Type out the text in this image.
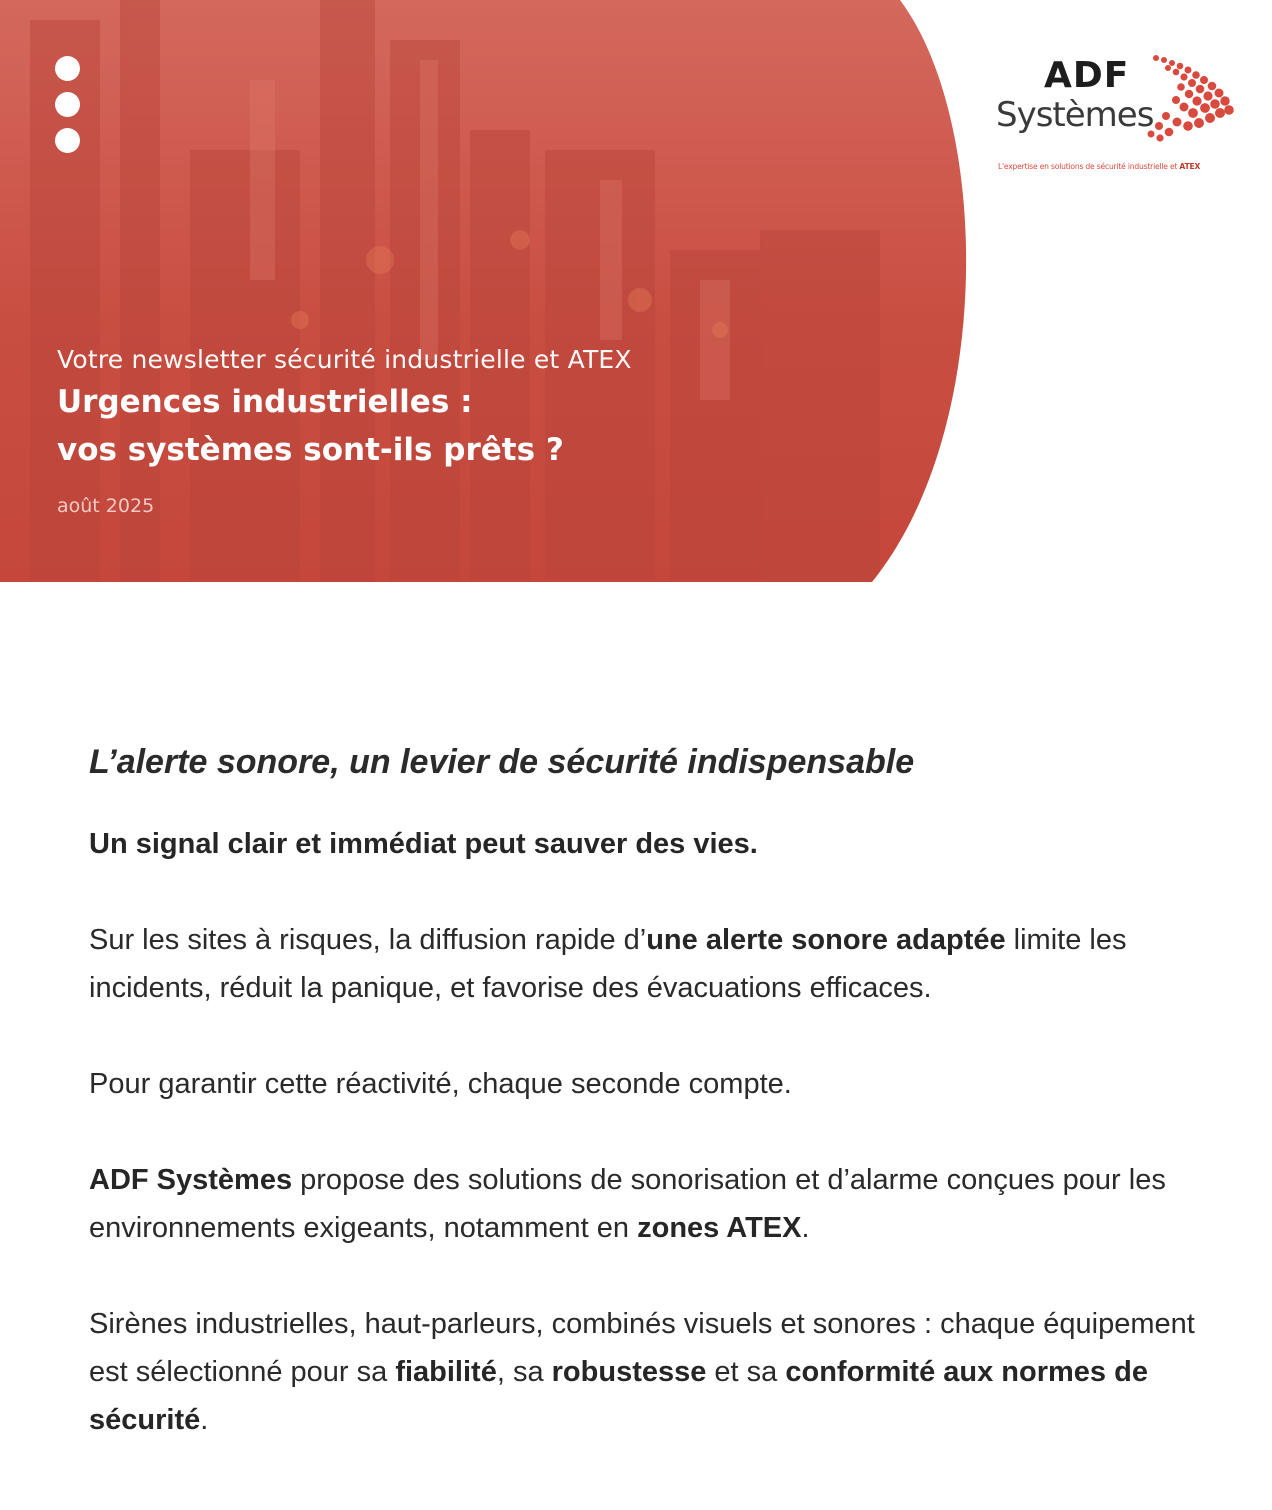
Votre newsletter sécurité industrielle et ATEX

Urgences industrielles :

vos systèmes sont-ils prêts ?

août 2025
ADF
Systèmes
L'expertise en solutions de sécurité industrielle et ATEX
L’alerte sonore, un levier de sécurité indispensable

Un signal clair et immédiat peut sauver des vies.

Sur les sites à risques, la diffusion rapide d’une alerte sonore adaptée limite les incidents, réduit la panique, et favorise des évacuations efficaces.

Pour garantir cette réactivité, chaque seconde compte.

ADF Systèmes propose des solutions de sonorisation et d’alarme conçues pour les environnements exigeants, notamment en zones ATEX.

Sirènes industrielles, haut-parleurs, combinés visuels et sonores : chaque équipement est sélectionné pour sa fiabilité, sa robustesse et sa conformité aux normes de sécurité.
